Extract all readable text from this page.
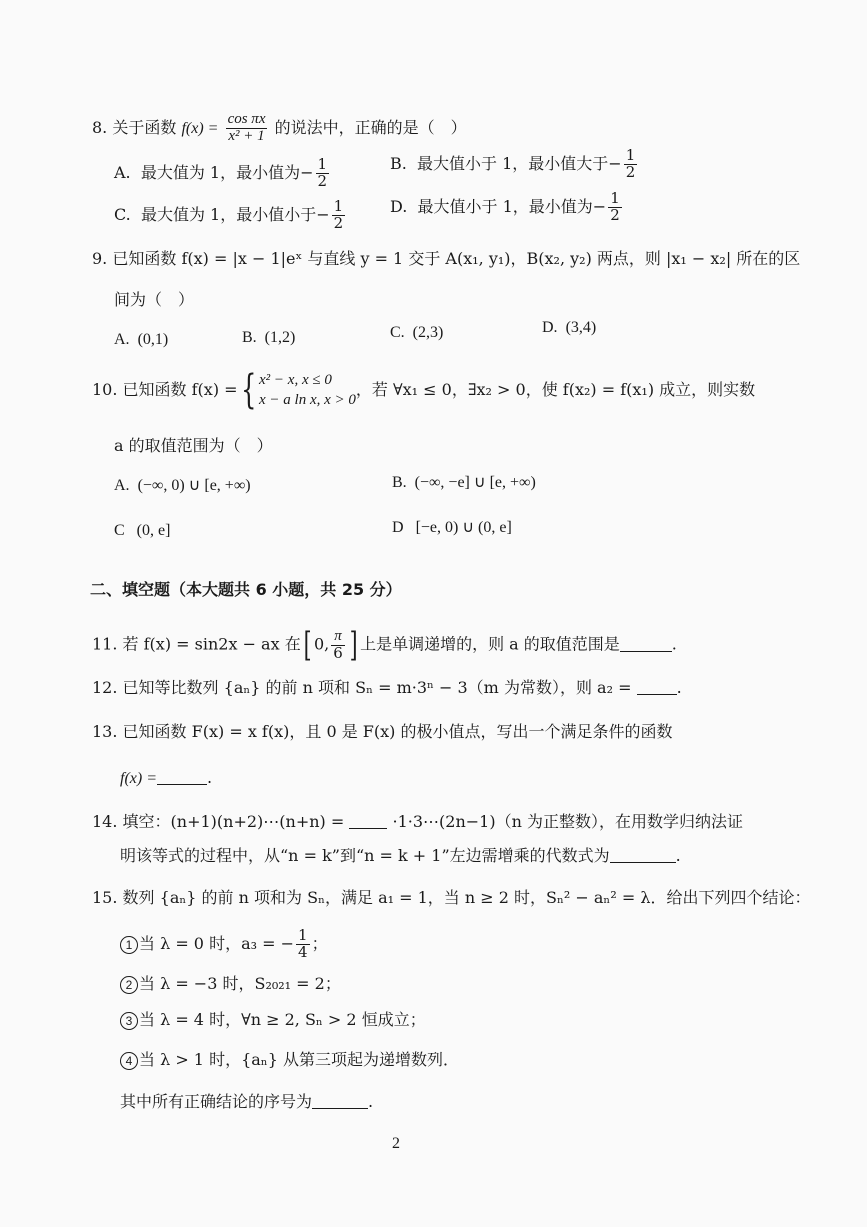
8. 关于函数 $f(x) = \frac{\text{cos πx}}{\text{x² + 1}}$ 的说法中，正确的是（　）
A. 最大值为 1，最小值为− $\frac{1}{2}$	B. 最大值小于 1，最小值大于− $\frac{1}{2}$
C. 最大值为 1，最小值小于− $\frac{1}{2}$	D. 最大值小于 1，最小值为− $\frac{1}{2}$
9. 已知函数 f(x) = |x − 1|eˣ 与直线 y = 1 交于 A(x₁, y₁)，B(x₂, y₂) 两点，则 |x₁ − x₂| 所在的区
间为（　）
A. (0,1)	B. (1,2)	C. (2,3)	D. (3,4)
10. 已知函数 f(x) ={ x² − x, x ≤ 0
x − a ln x, x > 0，若 ∀x₁ ≤ 0，∃x₂ > 0，使 f(x₂) = f(x₁) 成立，则实数
a 的取值范围为（　）
A. (−∞, 0) ∪ [e, +∞)	B. (−∞, −e] ∪ [e, +∞)
C (0, e]	D [−e, 0) ∪ (0, e]
二、填空题（本大题共 6 小题，共 25 分）
11. 若 f(x) = sin2x − ax 在[ 0, $\frac{\pi}{6}$ ] 上是单调递增的，则 a 的取值范围是	.
12. 已知等比数列 {aₙ} 的前 n 项和 Sₙ = m·3ⁿ − 3（m 为常数），则 a₂ =	.
13. 已知函数 F(x) = x f(x)，且 0 是 F(x) 的极小值点，写出一个满足条件的函数
f(x) =	.
14. 填空：(n+1)(n+2)⋯(n+n) =	·1·3⋯(2n−1)（n 为正整数），在用数学归纳法证
明该等式的过程中，从“n = k”到“n = k + 1”左边需增乘的代数式为	.
15. 数列 {aₙ} 的前 n 项和为 Sₙ，满足 a₁ = 1，当 n ≥ 2 时，Sₙ² − aₙ² = λ．给出下列四个结论：
1 当 λ = 0 时，a₃ = − $\frac{1}{4}$ ；
2 当 λ = −3 时，S₂₀₂₁ = 2；
3 当 λ = 4 时，∀n ≥ 2, Sₙ > 2 恒成立；
4 当 λ > 1 时，{aₙ} 从第三项起为递增数列．
其中所有正确结论的序号为	.
2
